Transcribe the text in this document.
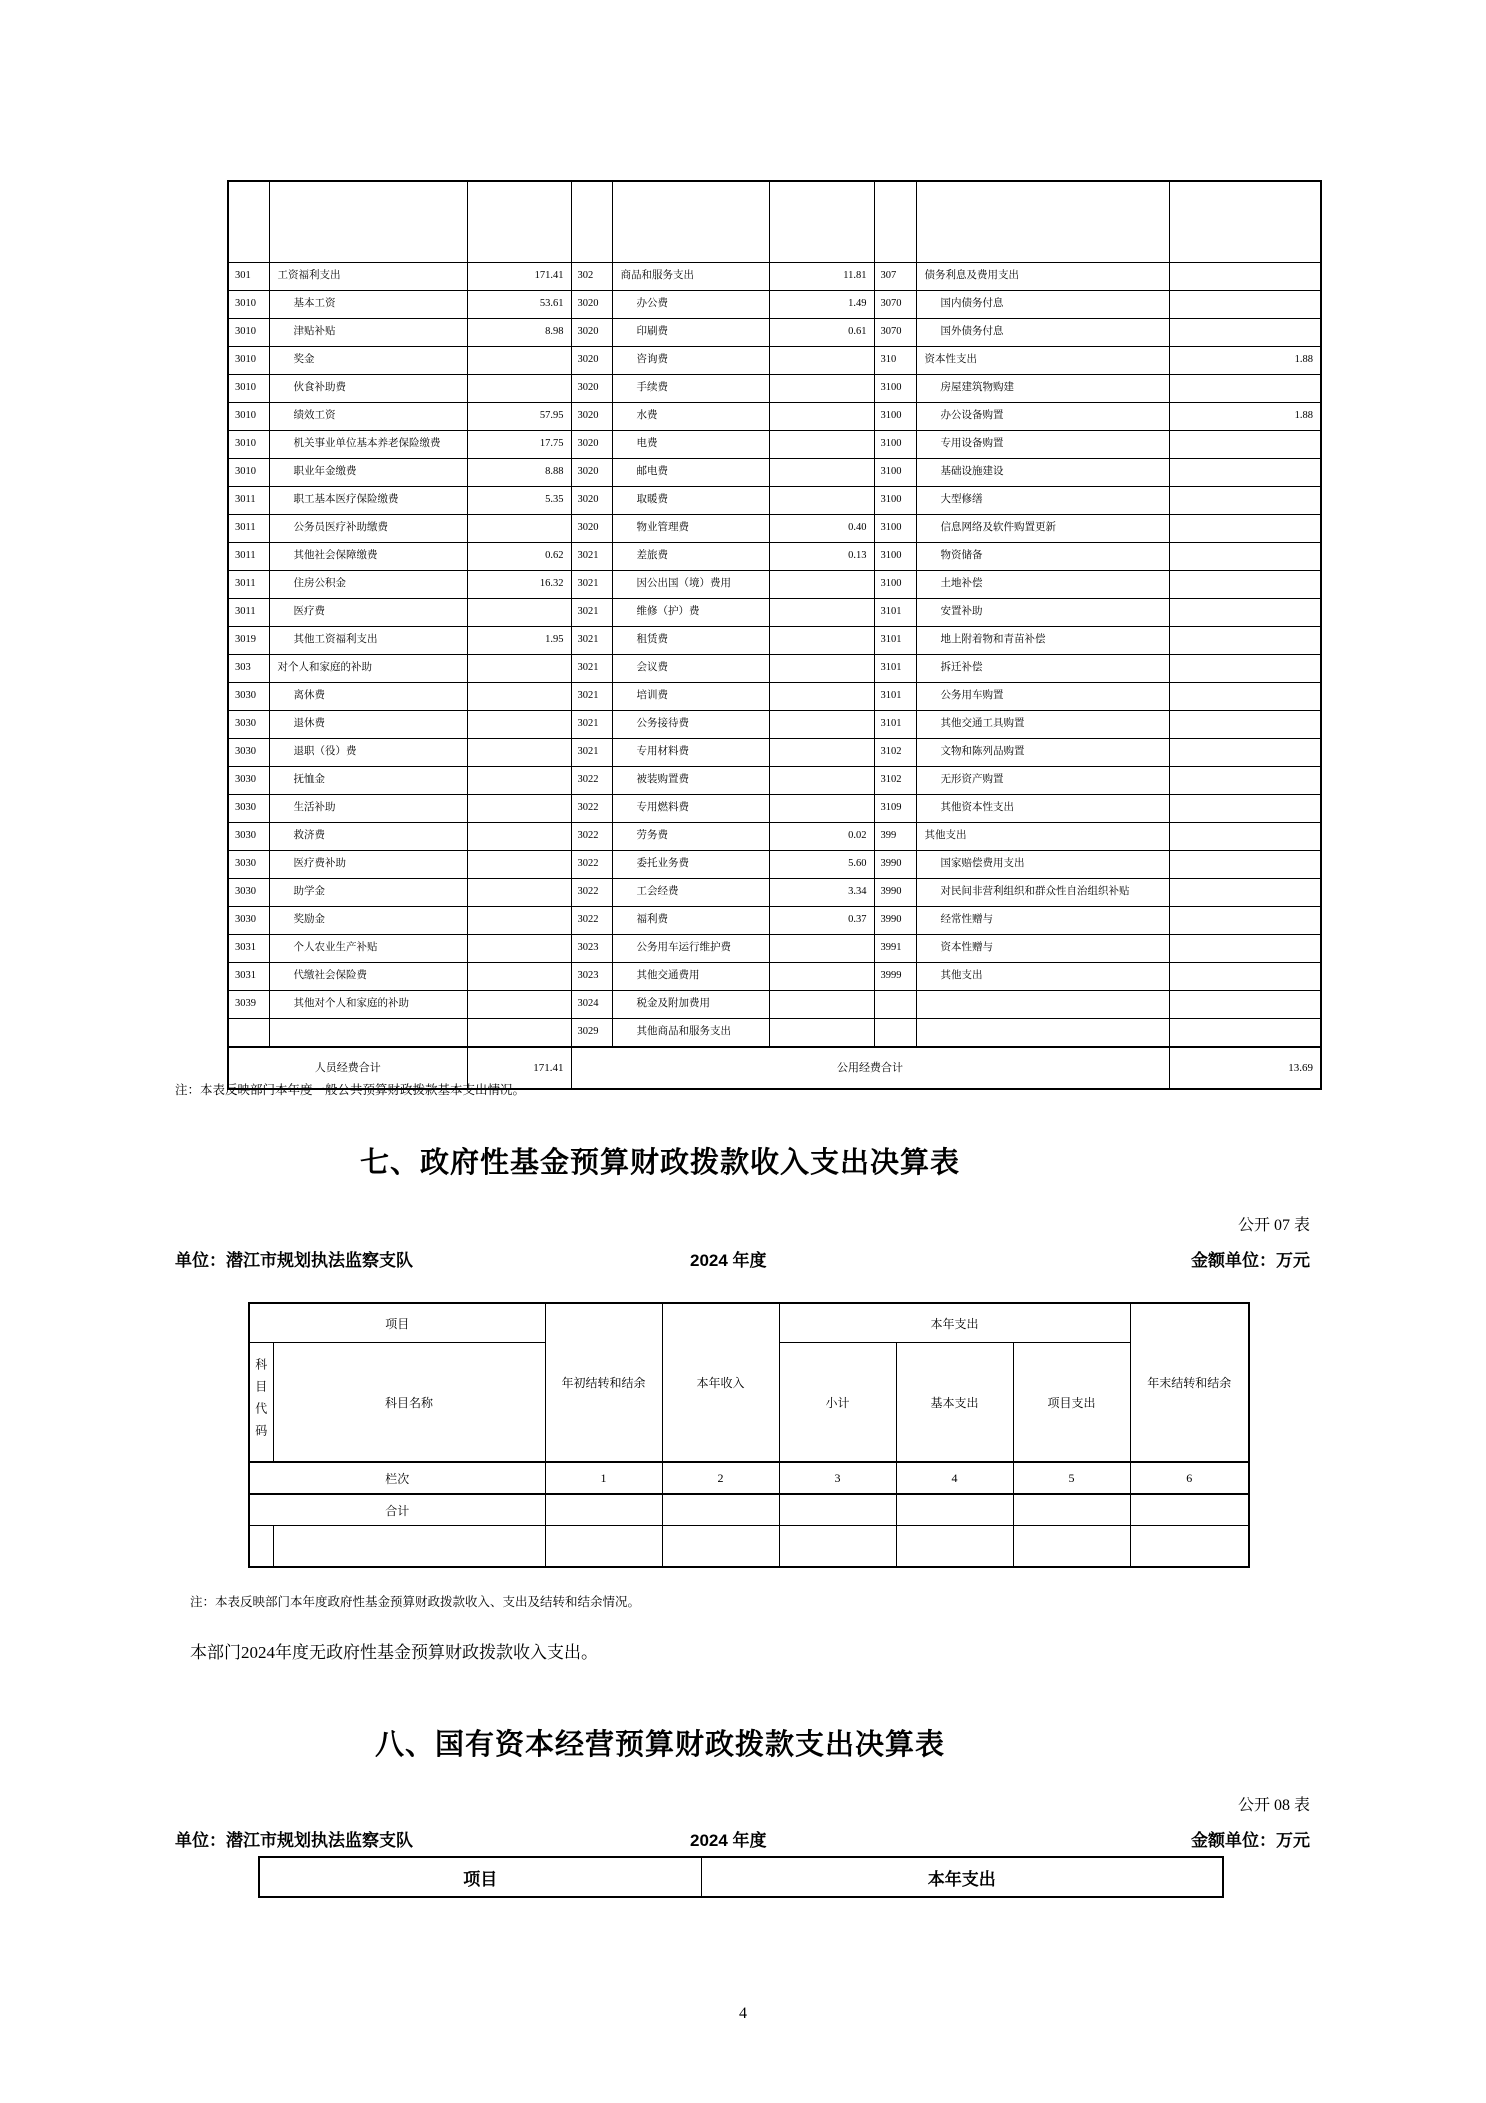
301	工资福利支出	171.41	302	商品和服务支出	11.81	307	债务利息及费用支出	
3010	基本工资	53.61	3020	办公费	1.49	3070	国内债务付息	
3010	津贴补贴	8.98	3020	印刷费	0.61	3070	国外债务付息	
3010	奖金		3020	咨询费		310	资本性支出	1.88
3010	伙食补助费		3020	手续费		3100	房屋建筑物购建	
3010	绩效工资	57.95	3020	水费		3100	办公设备购置	1.88
3010	机关事业单位基本养老保险缴费	17.75	3020	电费		3100	专用设备购置	
3010	职业年金缴费	8.88	3020	邮电费		3100	基础设施建设	
3011	职工基本医疗保险缴费	5.35	3020	取暖费		3100	大型修缮	
3011	公务员医疗补助缴费		3020	物业管理费	0.40	3100	信息网络及软件购置更新	
3011	其他社会保障缴费	0.62	3021	差旅费	0.13	3100	物资储备	
3011	住房公积金	16.32	3021	因公出国（境）费用		3100	土地补偿	
3011	医疗费		3021	维修（护）费		3101	安置补助	
3019	其他工资福利支出	1.95	3021	租赁费		3101	地上附着物和青苗补偿	
303	对个人和家庭的补助		3021	会议费		3101	拆迁补偿	
3030	离休费		3021	培训费		3101	公务用车购置	
3030	退休费		3021	公务接待费		3101	其他交通工具购置	
3030	退职（役）费		3021	专用材料费		3102	文物和陈列品购置	
3030	抚恤金		3022	被装购置费		3102	无形资产购置	
3030	生活补助		3022	专用燃料费		3109	其他资本性支出	
3030	救济费		3022	劳务费	0.02	399	其他支出	
3030	医疗费补助		3022	委托业务费	5.60	3990	国家赔偿费用支出	
3030	助学金		3022	工会经费	3.34	3990	对民间非营利组织和群众性自治组织补贴	
3030	奖励金		3022	福利费	0.37	3990	经常性赠与	
3031	个人农业生产补贴		3023	公务用车运行维护费		3991	资本性赠与	
3031	代缴社会保险费		3023	其他交通费用		3999	其他支出	
3039	其他对个人和家庭的补助		3024	税金及附加费用				
			3029	其他商品和服务支出				
人员经费合计		171.41	公用经费合计					13.69
注：本表反映部门本年度一般公共预算财政拨款基本支出情况。
七、政府性基金预算财政拨款收入支出决算表
公开 07 表
单位：潜江市规划执法监察支队	2024 年度	金额单位：万元
项目		年初结转和结余	本年收入	本年支出			年末结转和结余

科目代码	科目名称			小计	基本支出	项目支出	
栏次		1	2	3	4	5	6
合计							

注：本表反映部门本年度政府性基金预算财政拨款收入、支出及结转和结余情况。
本部门2024年度无政府性基金预算财政拨款收入支出。
八、国有资本经营预算财政拨款支出决算表
公开 08 表
单位：潜江市规划执法监察支队	2024 年度	金额单位：万元
项目	本年支出
4
